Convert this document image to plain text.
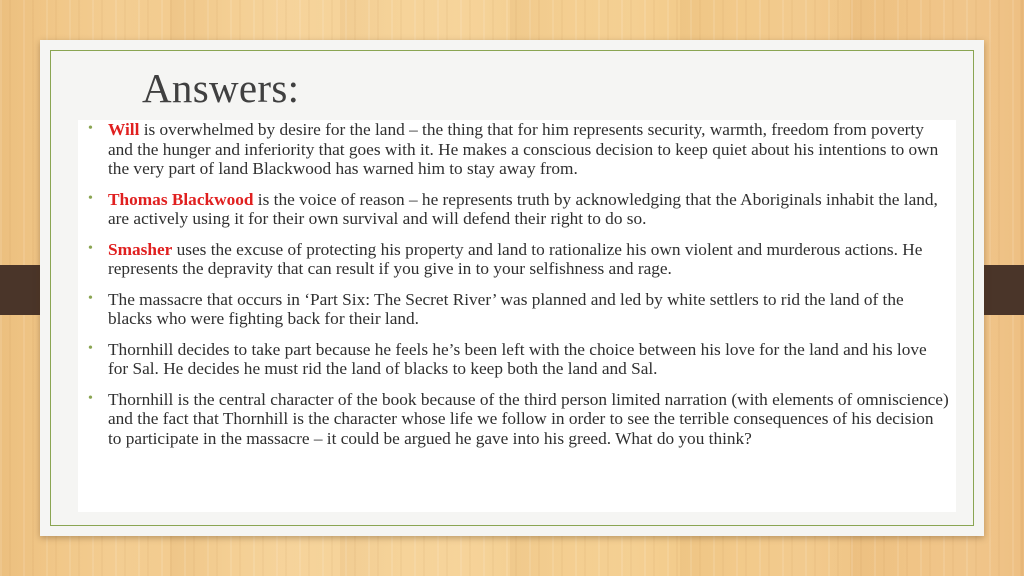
Answers:
• Will is overwhelmed by desire for the land – the thing that for him represents security, warmth, freedom from poverty and the hunger and inferiority that goes with it. He makes a conscious decision to keep quiet about his intentions to own the very part of land Blackwood has warned him to stay away from.
• Thomas Blackwood is the voice of reason – he represents truth by acknowledging that the Aboriginals inhabit the land, are actively using it for their own survival and will defend their right to do so.
• Smasher uses the excuse of protecting his property and land to rationalize his own violent and murderous actions. He represents the depravity that can result if you give in to your selfishness and rage.
• The massacre that occurs in ‘Part Six: The Secret River’ was planned and led by white settlers to rid the land of the blacks who were fighting back for their land.
• Thornhill decides to take part because he feels he’s been left with the choice between his love for the land and his love for Sal. He decides he must rid the land of blacks to keep both the land and Sal.
• Thornhill is the central character of the book because of the third person limited narration (with elements of omniscience) and the fact that Thornhill is the character whose life we follow in order to see the terrible consequences of his decision to participate in the massacre – it could be argued he gave into his greed. What do you think?
